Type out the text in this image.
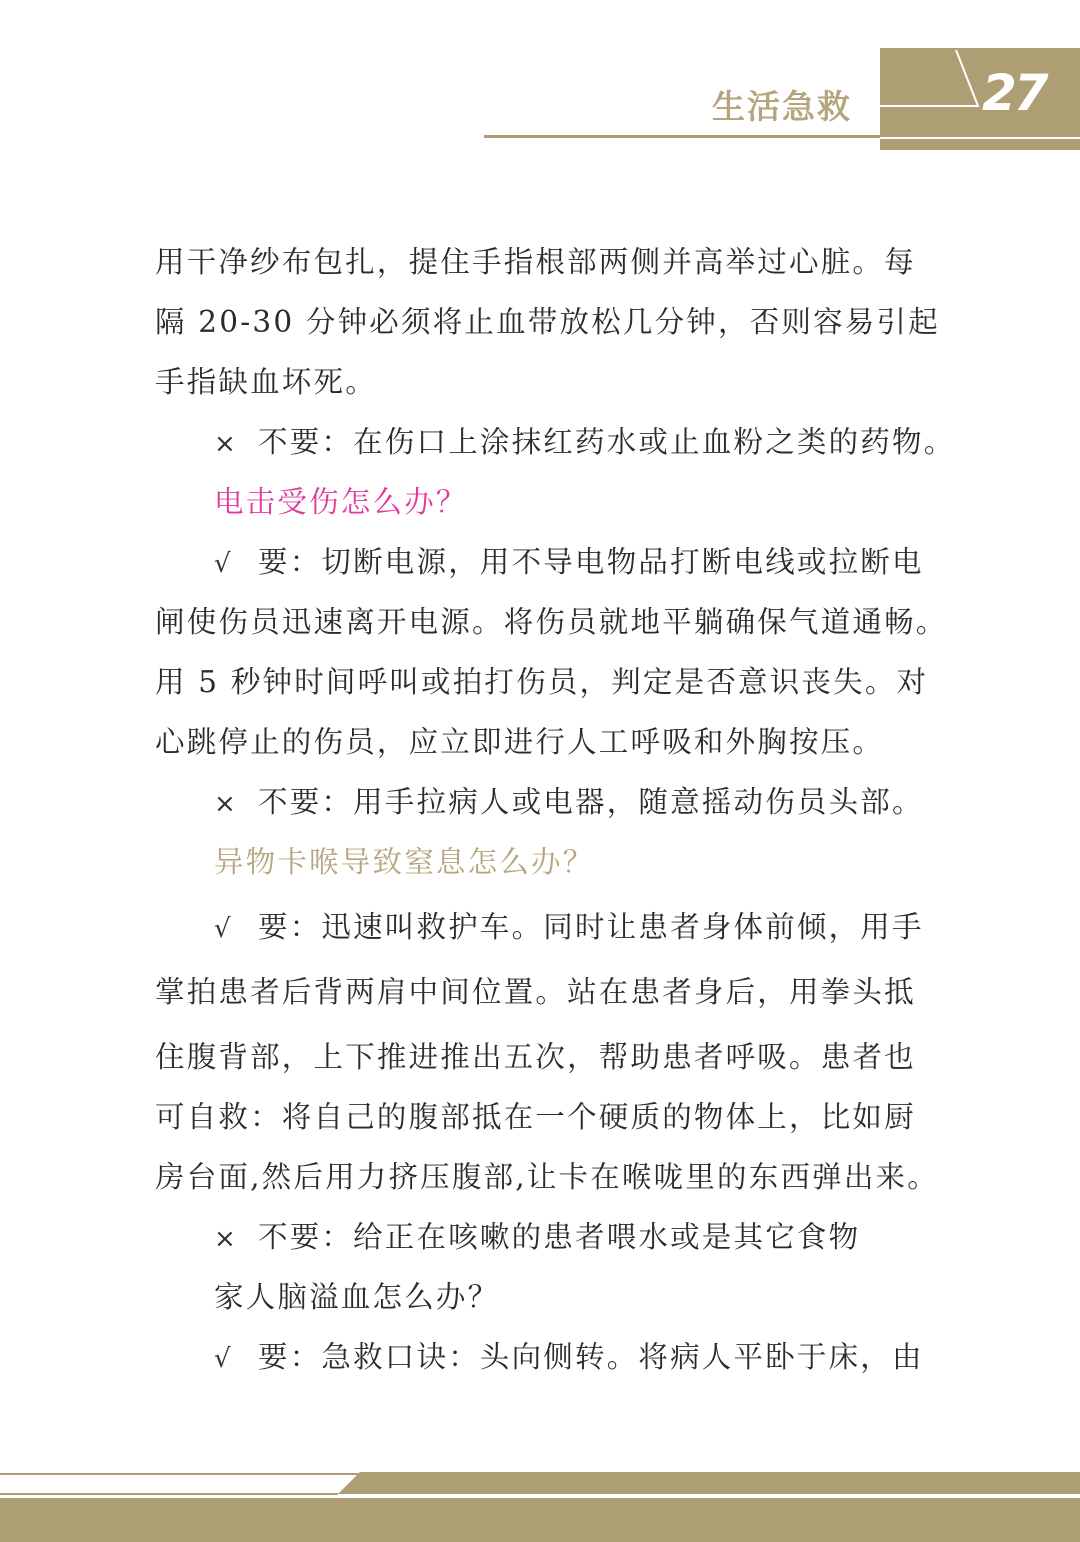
生活急救	27
用干净纱布包扎，提住手指根部两侧并高举过心脏。每
隔 20-30 分钟必须将止血带放松几分钟，否则容易引起
手指缺血坏死。
× 不要：在伤口上涂抹红药水或止血粉之类的药物。
电击受伤怎么办？
√ 要：切断电源，用不导电物品打断电线或拉断电
闸使伤员迅速离开电源。将伤员就地平躺确保气道通畅。
用 5 秒钟时间呼叫或拍打伤员，判定是否意识丧失。对
心跳停止的伤员，应立即进行人工呼吸和外胸按压。
× 不要：用手拉病人或电器，随意摇动伤员头部。
异物卡喉导致窒息怎么办？
√ 要：迅速叫救护车。同时让患者身体前倾，用手
掌拍患者后背两肩中间位置。站在患者身后，用拳头抵
住腹背部，上下推进推出五次，帮助患者呼吸。患者也
可自救：将自己的腹部抵在一个硬质的物体上，比如厨
房台面,然后用力挤压腹部,让卡在喉咙里的东西弹出来。
× 不要：给正在咳嗽的患者喂水或是其它食物
家人脑溢血怎么办？
√ 要：急救口诀：头向侧转。将病人平卧于床，由
